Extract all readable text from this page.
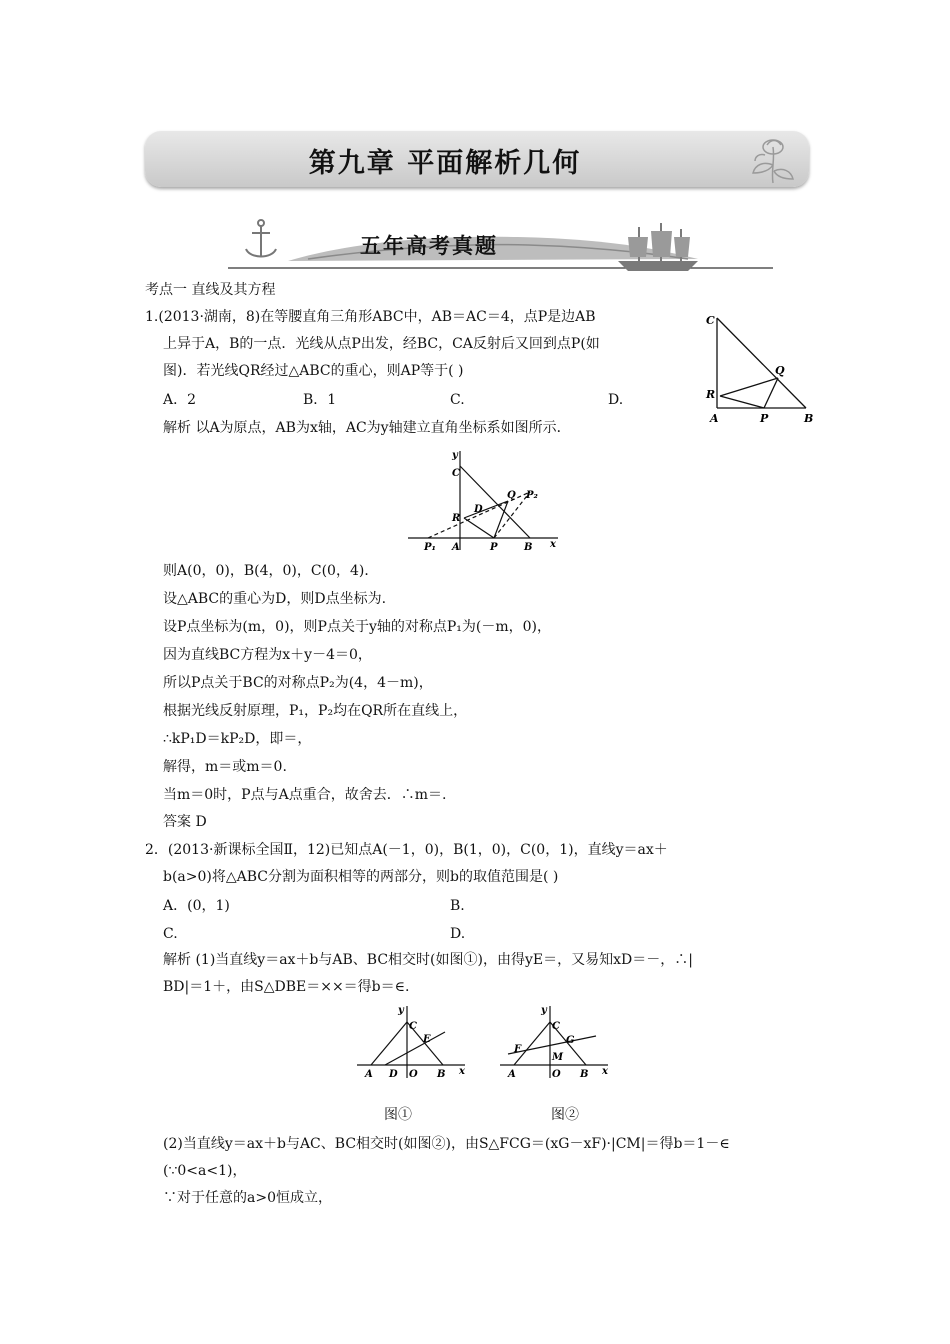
第九章 平面解析几何
五年高考真题
考点一 直线及其方程
1.(2013·湖南，8)在等腰直角三角形ABC中，AB＝AC＝4，点P是边AB
上异于A，B的一点．光线从点P出发，经BC，CA反射后又回到点P(如
图)．若光线QR经过△ABC的重心，则AP等于( )
A．2	B．1	C.	D.
解析 以A为原点，AB为x轴，AC为y轴建立直角坐标系如图所示．
则A(0，0)，B(4，0)，C(0，4)．
设△ABC的重心为D，则D点坐标为.
设P点坐标为(m，0)，则P点关于y轴的对称点P₁为(－m，0)，
因为直线BC方程为x＋y－4＝0，
所以P点关于BC的对称点P₂为(4，4－m)，
根据光线反射原理，P₁，P₂均在QR所在直线上，
∴kP₁D＝kP₂D，即＝，
解得，m＝或m＝0.
当m＝0时，P点与A点重合，故舍去．∴m＝.
答案 D
2．(2013·新课标全国Ⅱ，12)已知点A(－1，0)，B(1，0)，C(0，1)，直线y＝ax＋
b(a>0)将△ABC分割为面积相等的两部分，则b的取值范围是( )
A．(0，1)	B.
C.	D.
解析 (1)当直线y＝ax＋b与AB、BC相交时(如图①)，由得yE＝，又易知xD＝－，∴|
BD|＝1＋，由S△DBE＝××＝得b＝∈.
(2)当直线y＝ax＋b与AC、BC相交时(如图②)，由S△FCG＝(xG－xF)·|CM|＝得b＝1－∈
(∵0<a<1)，
∵对于任意的a>0恒成立，
C
Q
R
A	P	B
y
C
Q P₂
R
D
P₁ A	P	B x
y
C
E
A D O B x
图①
y
C
G
F
M
A	O B x
图②
